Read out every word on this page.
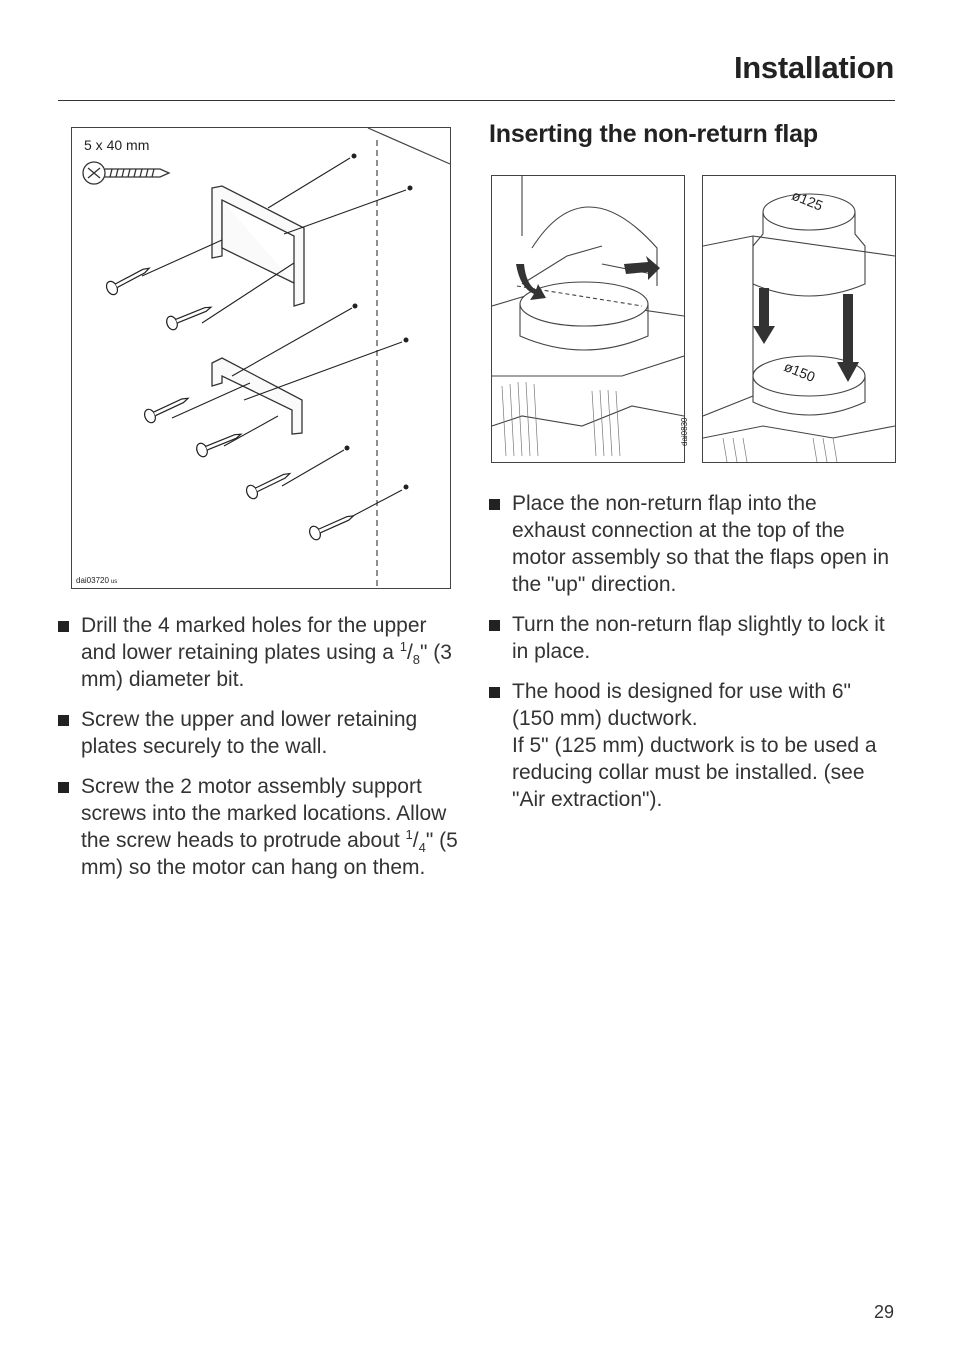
Installation
5 x 40 mm
dai03720 us
Inserting the non-return flap
ø125
ø150
dai0830
Drill the 4 marked holes for the upper and lower retaining plates using a $^1/_8$" (3 mm) diameter bit.
Screw the upper and lower retaining plates securely to the wall.
Screw the 2 motor assembly support screws into the marked locations. Allow the screw heads to protrude about $^1/_4$" (5 mm) so the motor can hang on them.
Place the non-return flap into the exhaust connection at the top of the motor assembly so that the flaps open in the "up" direction.
Turn the non-return flap slightly to lock it in place.
The hood is designed for use with 6" (150 mm) ductwork.
If 5" (125 mm) ductwork is to be used a reducing collar must be installed. (see "Air extraction").
29
